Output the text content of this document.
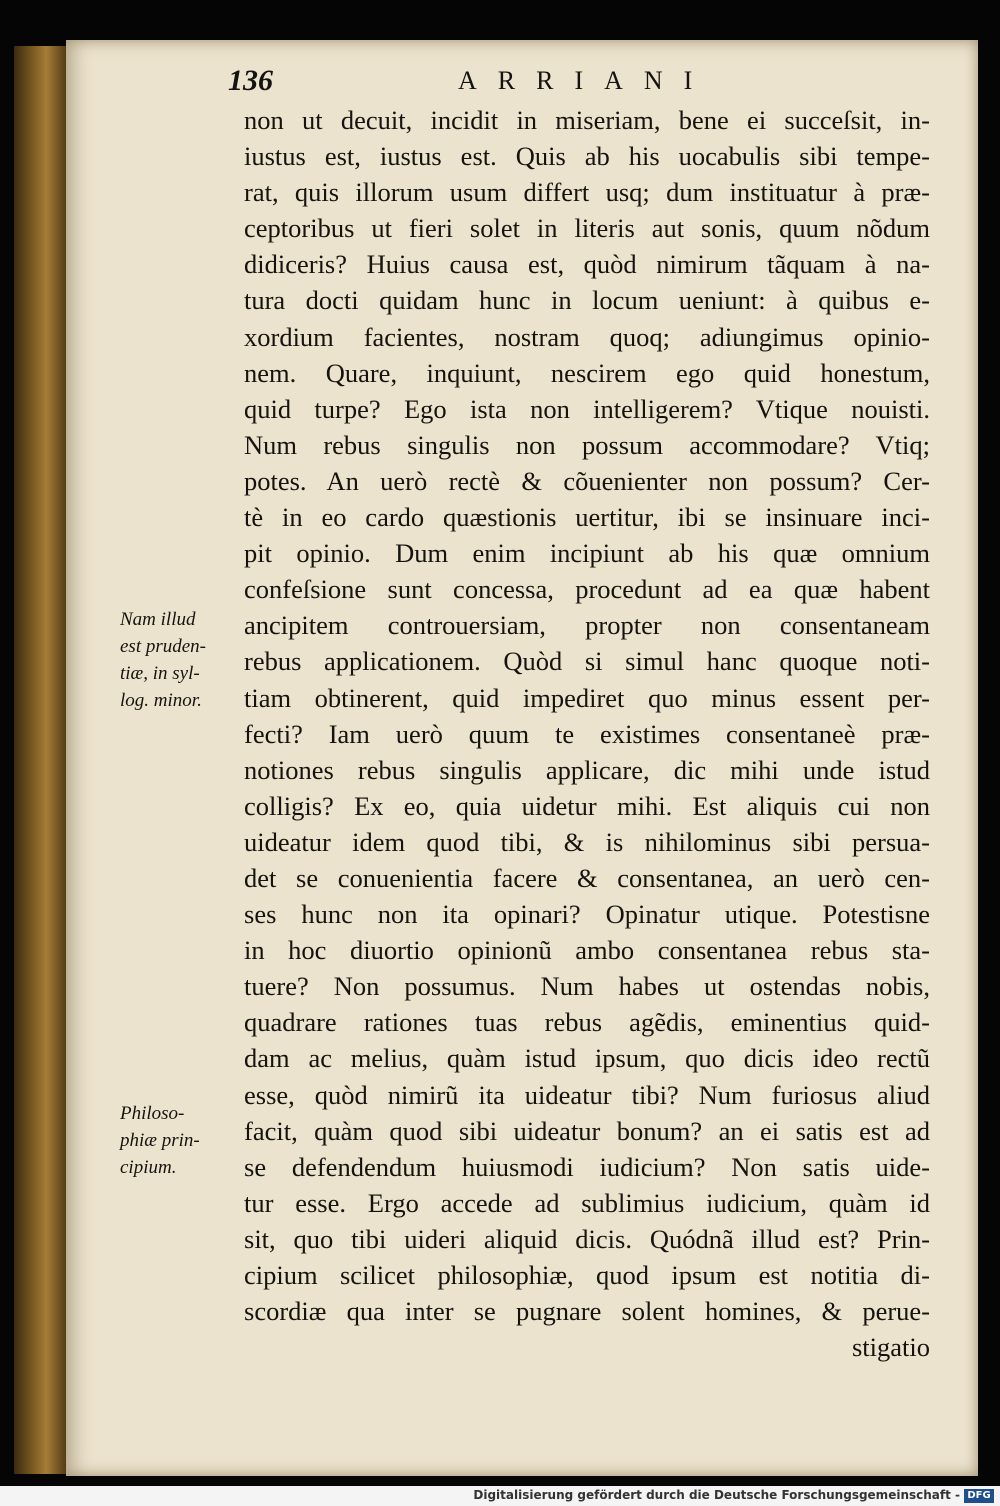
136	ARRIANI
non ut decuit, incidit in miseriam, bene ei succeſsit, in-
iustus est, iustus est. Quis ab his uocabulis sibi tempe-
rat, quis illorum usum differt usq; dum instituatur à præ-
ceptoribus ut fieri solet in literis aut sonis, quum nõdum
didiceris? Huius causa est, quòd nimirum tãquam à na-
tura docti quidam hunc in locum ueniunt: à quibus e-
xordium facientes, nostram quoq; adiungimus opinio-
nem. Quare, inquiunt, nescirem ego quid honestum,
quid turpe? Ego ista non intelligerem? Vtique nouisti.
Num rebus singulis non possum accommodare? Vtiq;
potes. An uerò rectè & cõuenienter non possum? Cer-
tè in eo cardo quæstionis uertitur, ibi se insinuare inci-
pit opinio. Dum enim incipiunt ab his quæ omnium
confeſsione sunt concessa, procedunt ad ea quæ habent
ancipitem controuersiam, propter non consentaneam
rebus applicationem. Quòd si simul hanc quoque noti-
tiam obtinerent, quid impediret quo minus essent per-
fecti? Iam uerò quum te existimes consentaneè præ-
notiones rebus singulis applicare, dic mihi unde istud
colligis? Ex eo, quia uidetur mihi. Est aliquis cui non
uideatur idem quod tibi, & is nihilominus sibi persua-
det se conuenientia facere & consentanea, an uerò cen-
ses hunc non ita opinari? Opinatur utique. Potestisne
in hoc diuortio opinionũ ambo consentanea rebus sta-
tuere? Non possumus. Num habes ut ostendas nobis,
quadrare rationes tuas rebus agẽdis, eminentius quid-
dam ac melius, quàm istud ipsum, quo dicis ideo rectũ
esse, quòd nimirũ ita uideatur tibi? Num furiosus aliud
facit, quàm quod sibi uideatur bonum? an ei satis est ad
se defendendum huiusmodi iudicium? Non satis uide-
tur esse. Ergo accede ad sublimius iudicium, quàm id
sit, quo tibi uideri aliquid dicis. Quódnã illud est? Prin-
cipium scilicet philosophiæ, quod ipsum est notitia di-
scordiæ qua inter se pugnare solent homines, & perue-
stigatio
Nam illud
est pruden-
tiæ, in syl-
log. minor.
Philoso-
phiæ prin-
cipium.
Digitalisierung gefördert durch die Deutsche Forschungsgemeinschaft - DFG
